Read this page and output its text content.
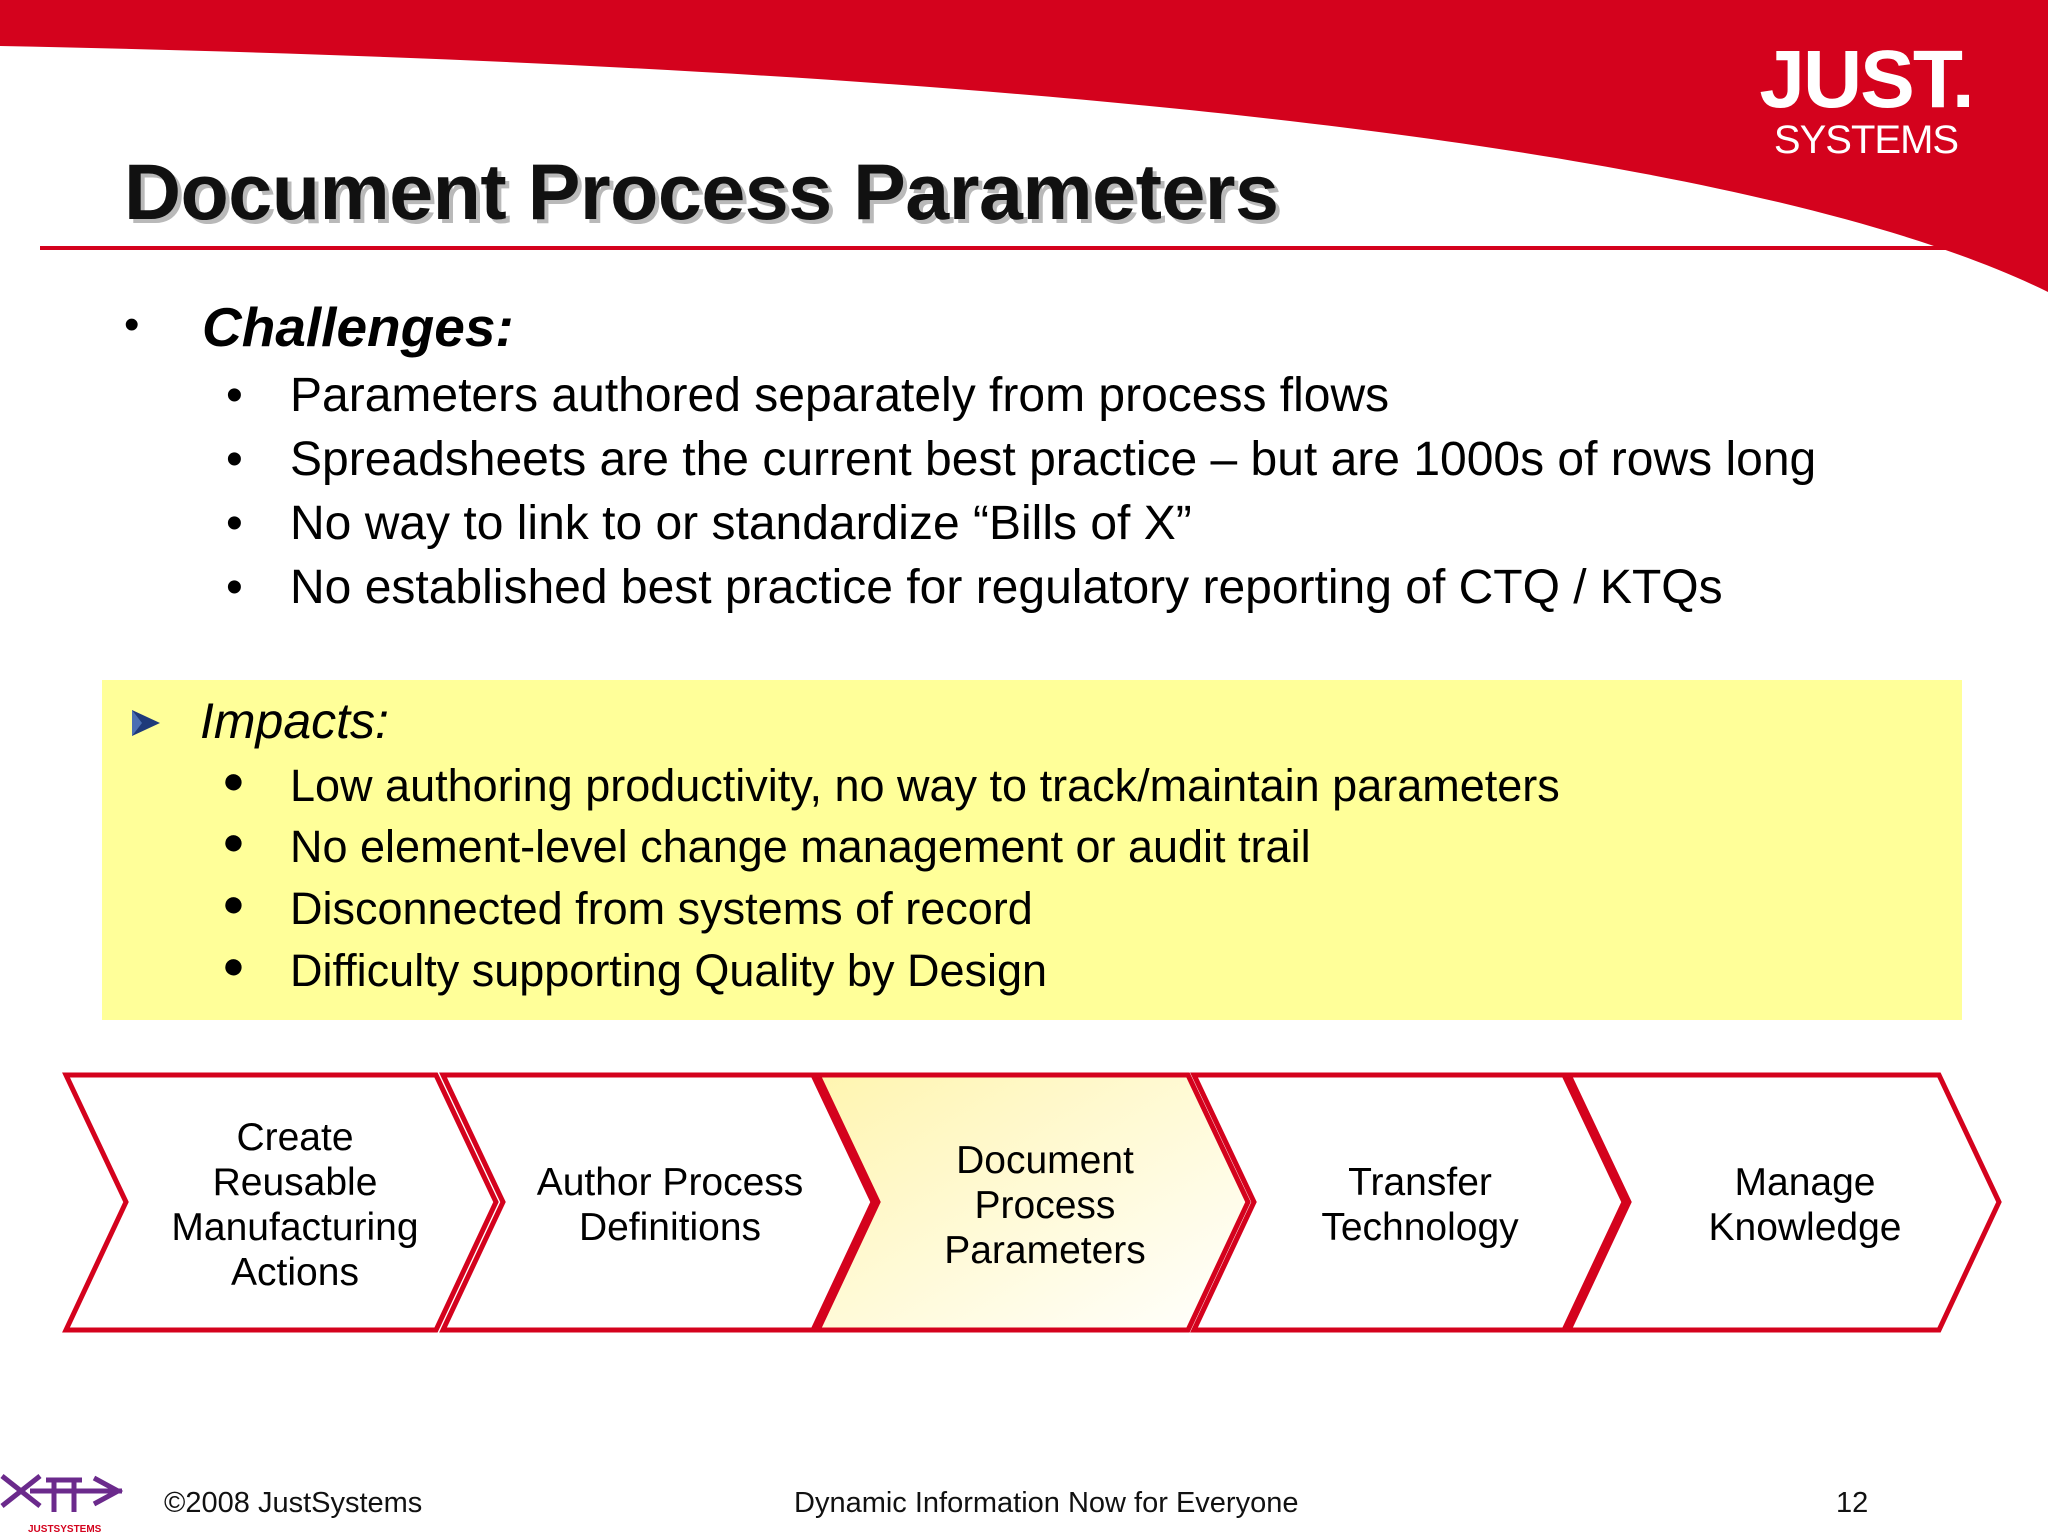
JUST.
SYSTEMS
Document Process Parameters
• Challenges:
• Parameters authored separately from process flows
• Spreadsheets are the current best practice – but are 1000s of rows long
• No way to link to or standardize “Bills of X”
• No established best practice for regulatory reporting of CTQ / KTQs
Impacts:
● Low authoring productivity, no way to track/maintain parameters
● No element-level change management or audit trail
● Disconnected from systems of record
● Difficulty supporting Quality by Design
Create Reusable Manufacturing Actions
Author Process Definitions
Document Process Parameters
Transfer Technology
Manage Knowledge
JUSTSYSTEMS
©2008 JustSystems	Dynamic Information Now for Everyone	12
